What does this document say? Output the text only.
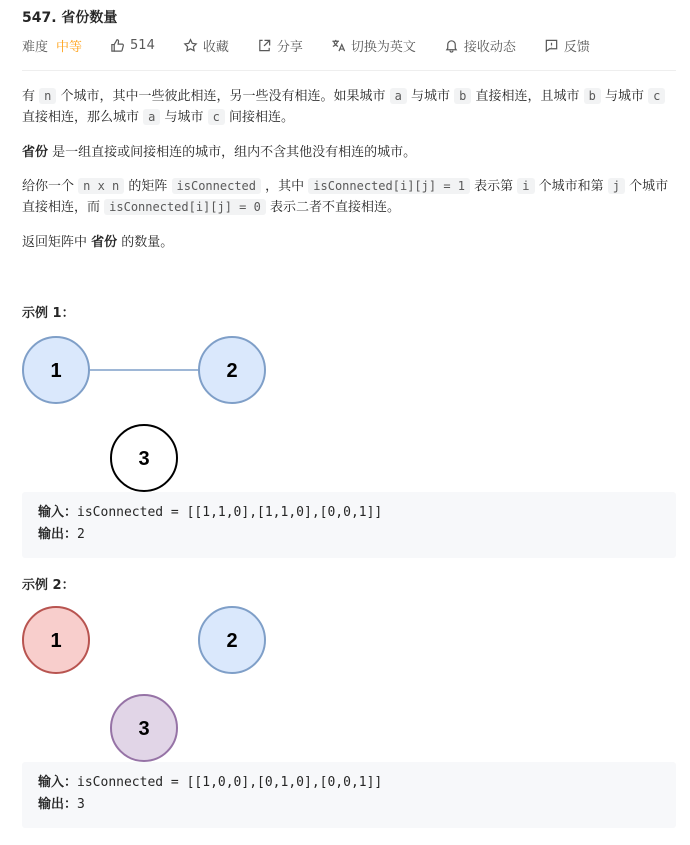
547. 省份数量
难度 中等	514	收藏	分享	切换为英文	接收动态	反馈
有 n 个城市，其中一些彼此相连，另一些没有相连。如果城市 a 与城市 b 直接相连，且城市 b 与城市 c 直接相连，那么城市 a 与城市 c 间接相连。
省份 是一组直接或间接相连的城市，组内不含其他没有相连的城市。
给你一个 n x n 的矩阵 isConnected ，其中 isConnected[i][j] = 1 表示第 i 个城市和第 j 个城市直接相连，而 isConnected[i][j] = 0 表示二者不直接相连。
返回矩阵中 省份 的数量。
示例 1：
1	2
3
输入：isConnected = [[1,1,0],[1,1,0],[0,0,1]]
输出：2
示例 2：
1	2
3
输入：isConnected = [[1,0,0],[0,1,0],[0,0,1]]
输出：3
